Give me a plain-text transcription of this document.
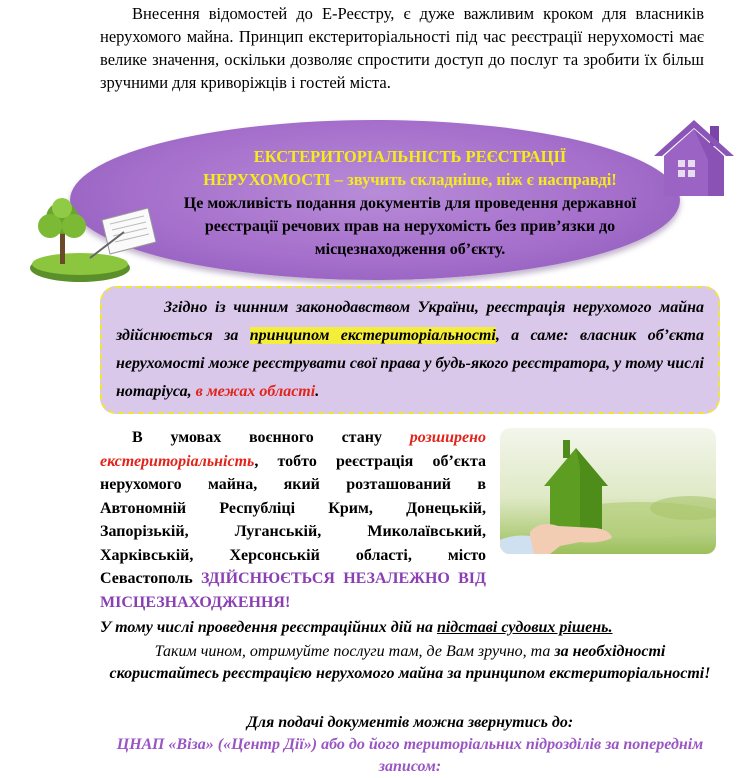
Внесення відомостей до Е-Реєстру, є дуже важливим кроком для власників нерухомого майна. Принцип екстериторіальності під час реєстрації нерухомості має велике значення, оскільки дозволяє спростити доступ до послуг та зробити їх більш зручними для криворіжців і гостей міста.

ЕКСТЕРИТОРІАЛЬНІСТЬ РЕЄСТРАЦІЇ
НЕРУХОМОСТІ – звучить складніше, ніж є насправді!

Це можливість подання документів для проведення державної реєстрації речових прав на нерухомість без прив’язки до місцезнаходження об’єкту.

Згідно із чинним законодавством України, реєстрація нерухомого майна здійснюється за принципом екстериторіальності, а саме: власник об’єкта нерухомості може реєструвати свої права у будь-якого реєстратора, у тому числі нотаріуса, в межах області.

В умовах воєнного стану розширено екстериторіальність, тобто реєстрація об’єкта нерухомого майна, який розташований в Автономній Республіці Крим, Донецькій, Запорізькій, Луганській, Миколаївський, Харківській, Херсонській області, місто Севастополь ЗДІЙСНЮЄТЬСЯ НЕЗАЛЕЖНО ВІД МІСЦЕЗНАХОДЖЕННЯ!

У тому числі проведення реєстраційних дій на підставі судових рішень.

Таким чином, отримуйте послуги там, де Вам зручно, та за необхідності скористайтесь реєстрацією нерухомого майна за принципом екстериторіальності!

Для подачі документів можна звернутись до:

ЦНАП «Віза» («Центр Дії») або до його територіальних підрозділів за попереднім записом:
